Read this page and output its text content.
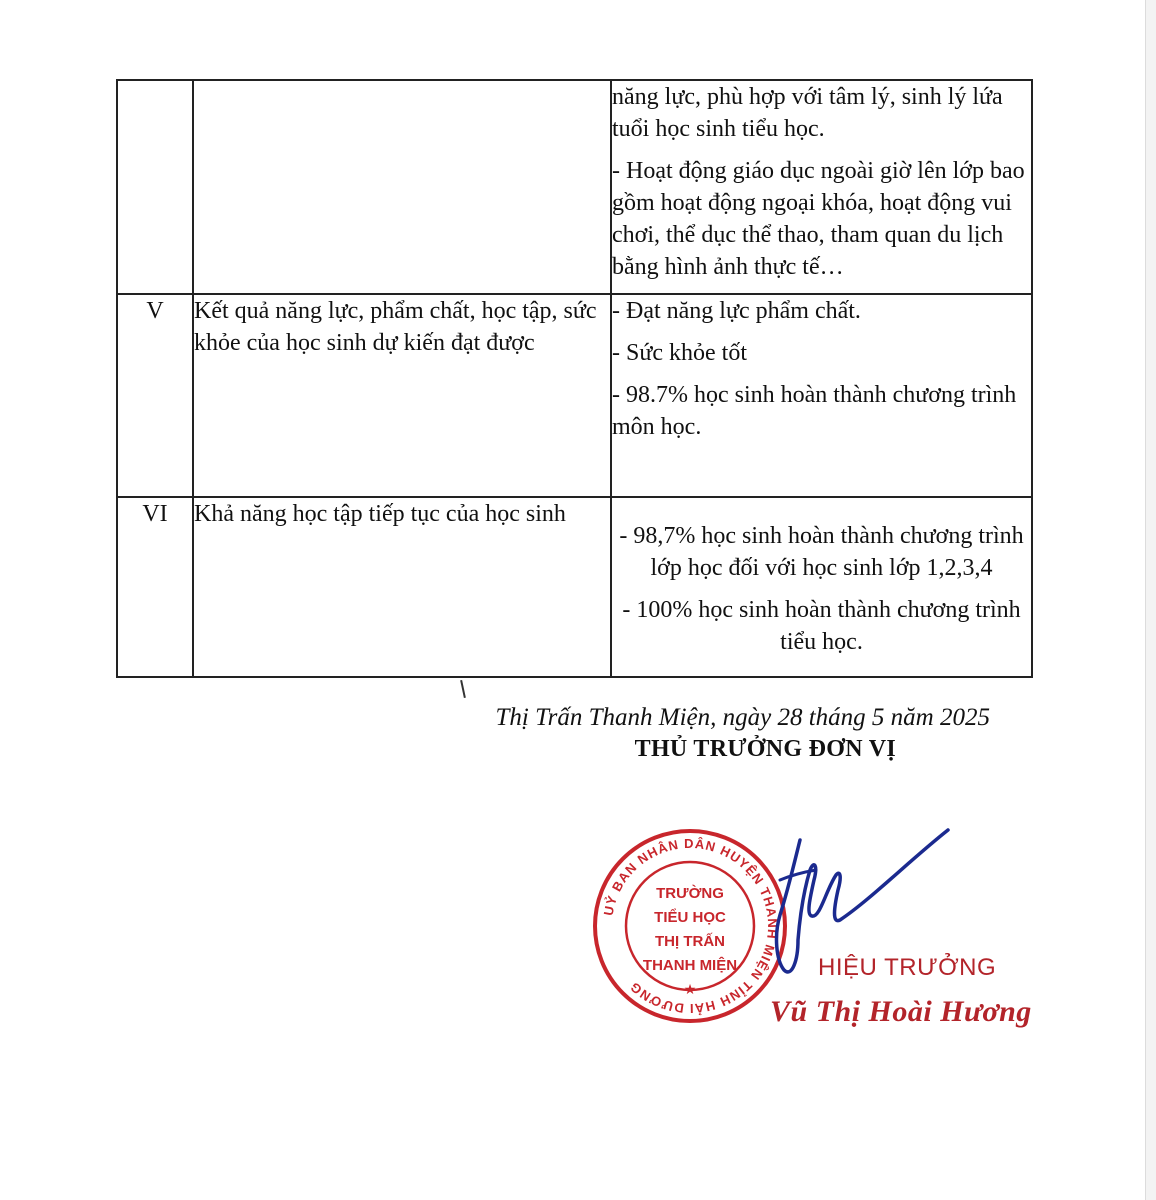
		năng lực, phù hợp với tâm lý, sinh lý lứa tuổi học sinh tiểu học.

- Hoạt động giáo dục ngoài giờ lên lớp bao gồm hoạt động ngoại khóa, hoạt động vui chơi, thể dục thể thao, tham quan du lịch bằng hình ảnh thực tế…

V	Kết quả năng lực, phẩm chất, học tập, sức khỏe của học sinh dự kiến đạt được	- Đạt năng lực phẩm chất.

- Sức khỏe tốt

- 98.7% học sinh hoàn thành chương trình môn học.

VI	Khả năng học tập tiếp tục của học sinh	- 98,7% học sinh hoàn thành chương trình lớp học đối với học sinh lớp 1,2,3,4

- 100% học sinh hoàn thành chương trình tiểu học.

Thị Trấn Thanh Miện, ngày 28 tháng 5 năm 2025
THỦ TRƯỞNG ĐƠN VỊ
UỶ BAN NHÂN DÂN HUYỆN THANH MIỆN TỈNH HẢI DƯƠNG	★
TRƯỜNG
TIỂU HỌC
THỊ TRẤN
THANH MIỆN	HIỆU TRƯỞNG
Vũ Thị Hoài Hương
